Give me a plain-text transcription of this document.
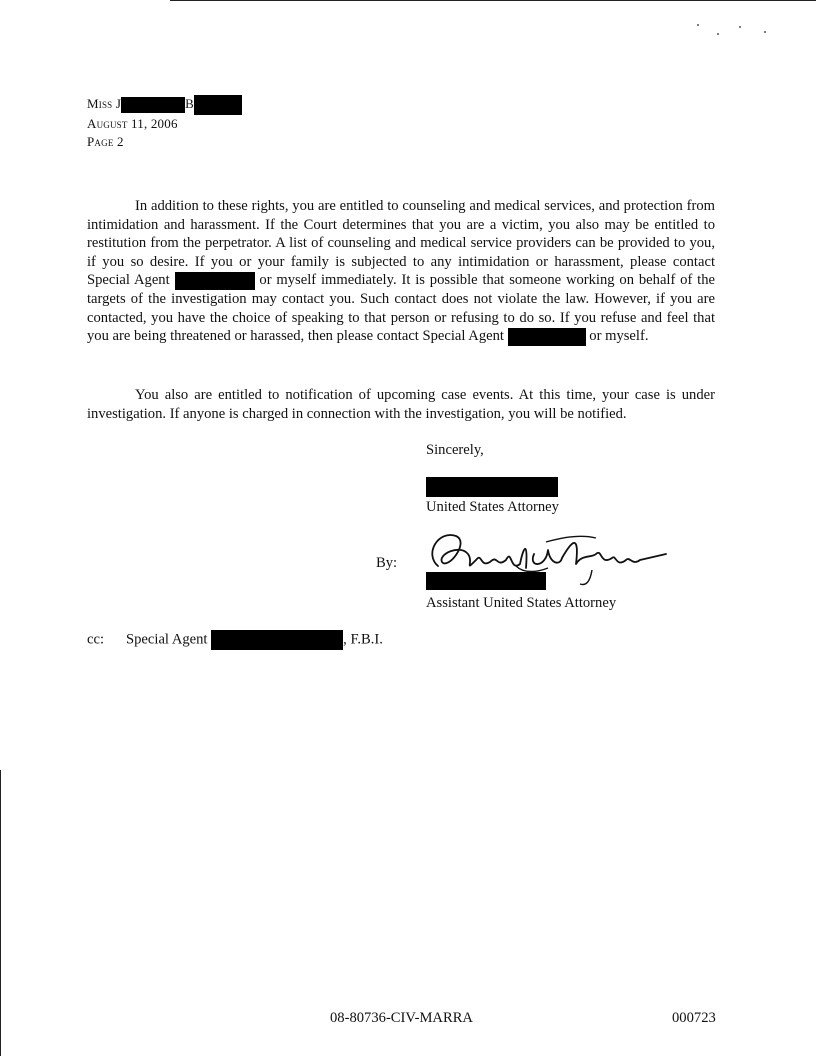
Miss J	B
August 11, 2006
Page 2

In addition to these rights, you are entitled to counseling and medical services, and protection from intimidation and harassment. If the Court determines that you are a victim, you also may be entitled to restitution from the perpetrator. A list of counseling and medical service providers can be provided to you, if you so desire. If you or your family is subjected to any intimidation or harassment, please contact Special Agent	or myself immediately. It is possible that someone working on behalf of the targets of the investigation may contact you. Such contact does not violate the law. However, if you are contacted, you have the choice of speaking to that person or refusing to do so. If you refuse and feel that you are being threatened or harassed, then please contact Special Agent	or myself.

You also are entitled to notification of upcoming case events. At this time, your case is under investigation. If anyone is charged in connection with the investigation, you will be notified.

Sincerely,
United States Attorney
By:
Assistant United States Attorney
cc: Special Agent	, F.B.I.
08-80736-CIV-MARRA	000723
